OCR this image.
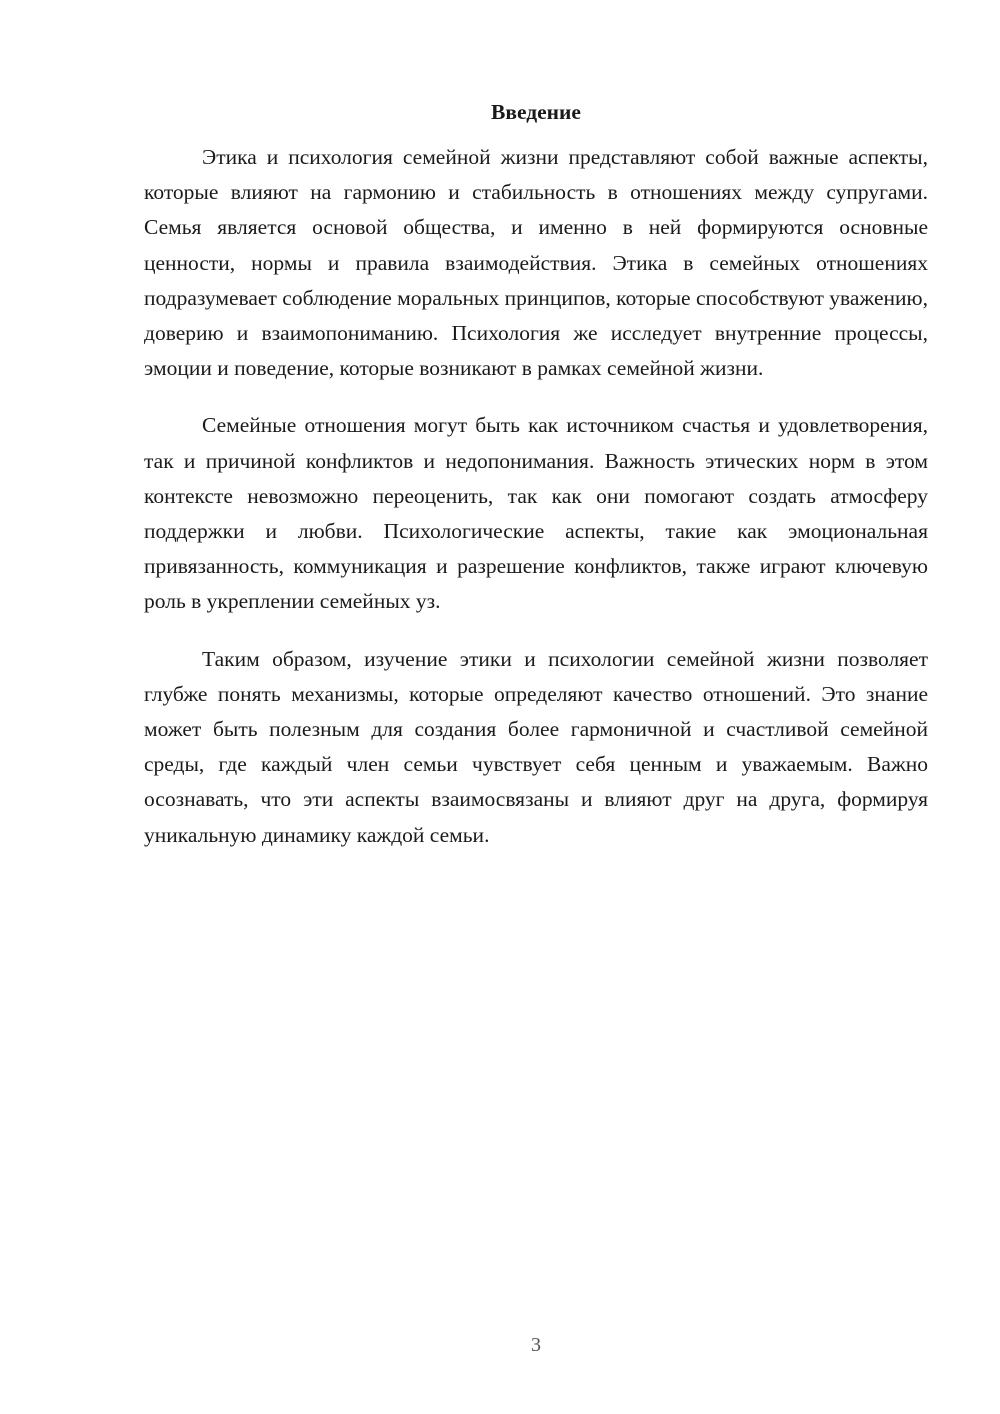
Введение

Этика и психология семейной жизни представляют собой важные аспекты, которые влияют на гармонию и стабильность в отношениях между супругами. Семья является основой общества, и именно в ней формируются основные ценности, нормы и правила взаимодействия. Этика в семейных отношениях подразумевает соблюдение моральных принципов, которые способствуют уважению, доверию и взаимопониманию. Психология же исследует внутренние процессы, эмоции и поведение, которые возникают в рамках семейной жизни.

Семейные отношения могут быть как источником счастья и удовлетворения, так и причиной конфликтов и недопонимания. Важность этических норм в этом контексте невозможно переоценить, так как они помогают создать атмосферу поддержки и любви. Психологические аспекты, такие как эмоциональная привязанность, коммуникация и разрешение конфликтов, также играют ключевую роль в укреплении семейных уз.

Таким образом, изучение этики и психологии семейной жизни позволяет глубже понять механизмы, которые определяют качество отношений. Это знание может быть полезным для создания более гармоничной и счастливой семейной среды, где каждый член семьи чувствует себя ценным и уважаемым. Важно осознавать, что эти аспекты взаимосвязаны и влияют друг на друга, формируя уникальную динамику каждой семьи.

3
